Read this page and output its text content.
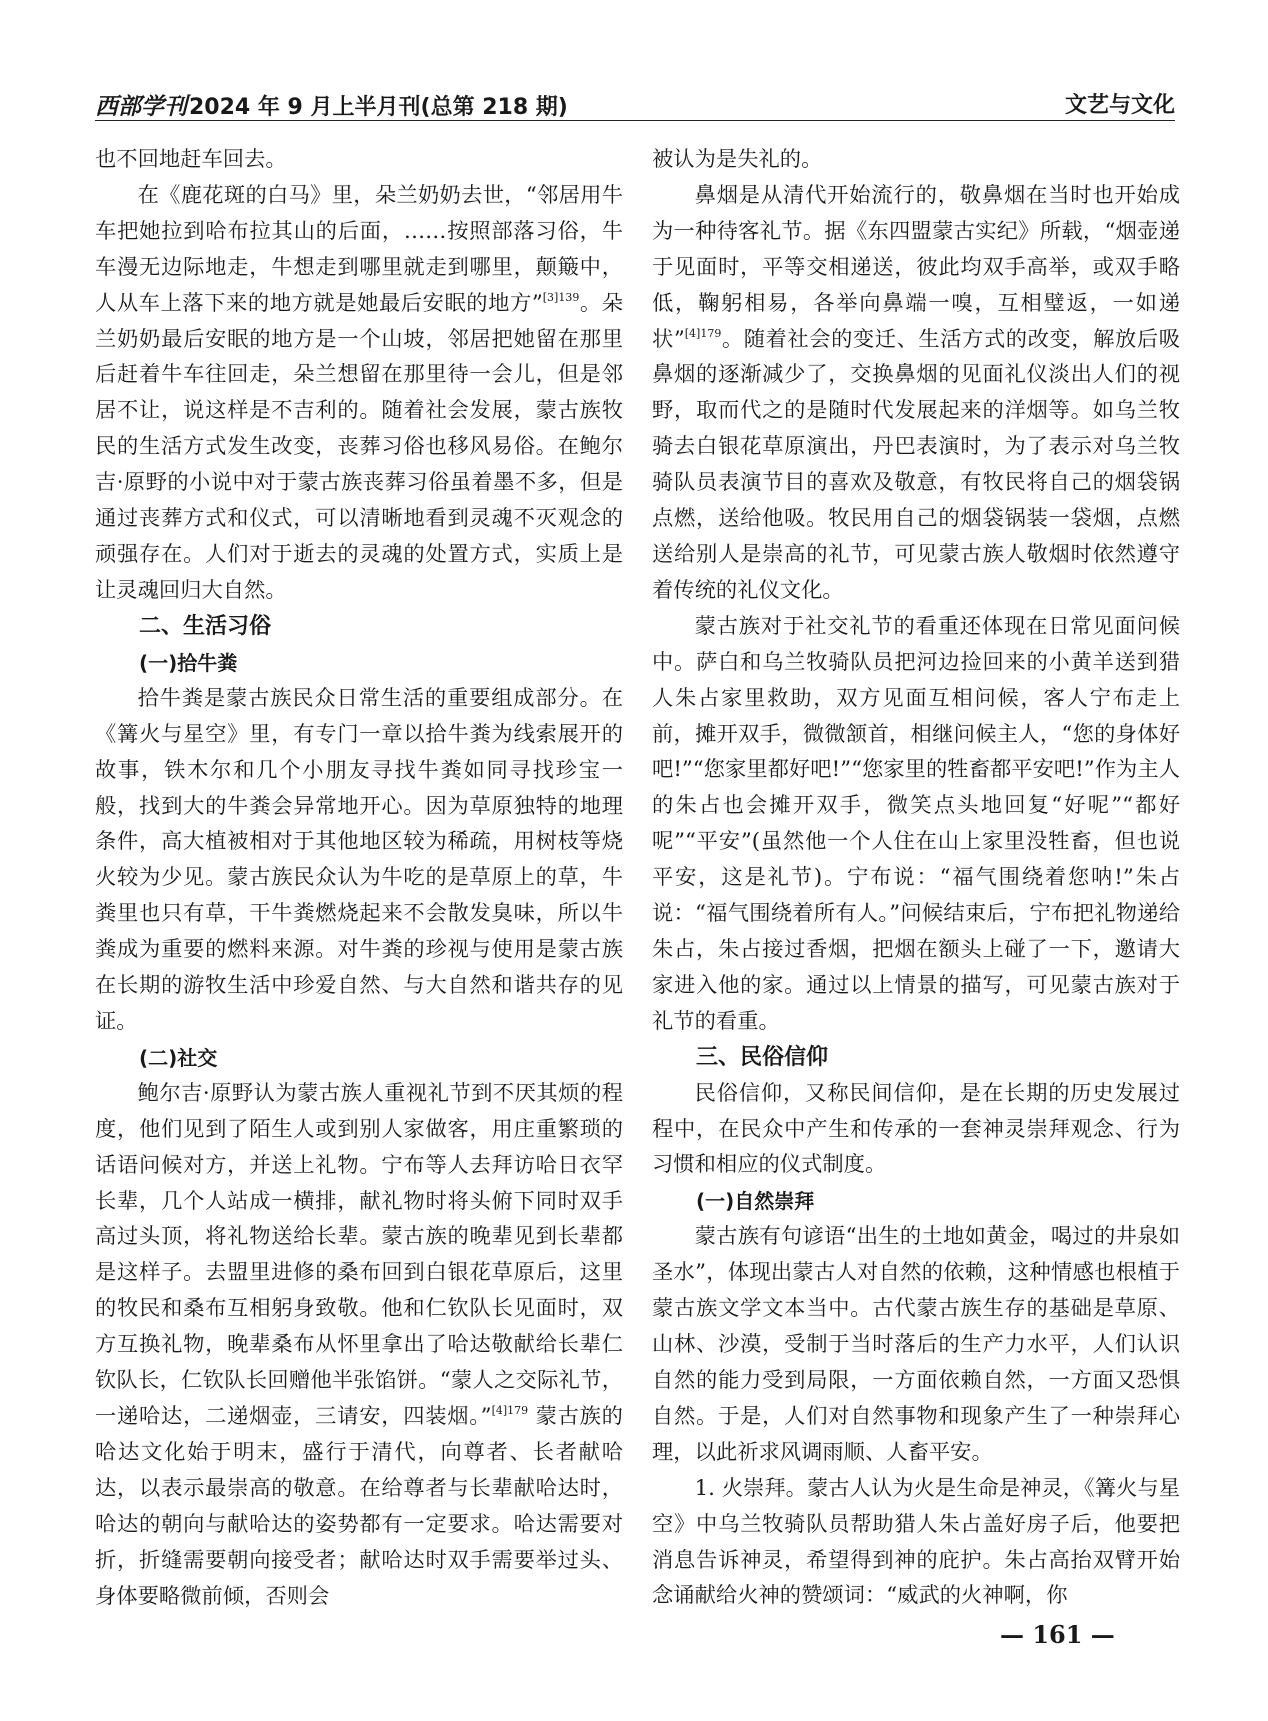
西部学刊2024 年 9 月上半月刊(总第 218 期)	文艺与文化

也不回地赶车回去。

在《鹿花斑的白马》里，朵兰奶奶去世，“邻居用牛车把她拉到哈布拉其山的后面，……按照部落习俗，牛车漫无边际地走，牛想走到哪里就走到哪里，颠簸中，人从车上落下来的地方就是她最后安眠的地方”$^{[3]139}$。朵兰奶奶最后安眠的地方是一个山坡，邻居把她留在那里后赶着牛车往回走，朵兰想留在那里待一会儿，但是邻居不让，说这样是不吉利的。随着社会发展，蒙古族牧民的生活方式发生改变，丧葬习俗也移风易俗。在鲍尔吉·原野的小说中对于蒙古族丧葬习俗虽着墨不多，但是通过丧葬方式和仪式，可以清晰地看到灵魂不灭观念的顽强存在。人们对于逝去的灵魂的处置方式，实质上是让灵魂回归大自然。

二、生活习俗
(一)拾牛粪

拾牛粪是蒙古族民众日常生活的重要组成部分。在《篝火与星空》里，有专门一章以拾牛粪为线索展开的故事，铁木尔和几个小朋友寻找牛粪如同寻找珍宝一般，找到大的牛粪会异常地开心。因为草原独特的地理条件，高大植被相对于其他地区较为稀疏，用树枝等烧火较为少见。蒙古族民众认为牛吃的是草原上的草，牛粪里也只有草，干牛粪燃烧起来不会散发臭味，所以牛粪成为重要的燃料来源。对牛粪的珍视与使用是蒙古族在长期的游牧生活中珍爱自然、与大自然和谐共存的见证。

(二)社交

鲍尔吉·原野认为蒙古族人重视礼节到不厌其烦的程度，他们见到了陌生人或到别人家做客，用庄重繁琐的话语问候对方，并送上礼物。宁布等人去拜访哈日衣罕长辈，几个人站成一横排，献礼物时将头俯下同时双手高过头顶，将礼物送给长辈。蒙古族的晚辈见到长辈都是这样子。去盟里进修的桑布回到白银花草原后，这里的牧民和桑布互相躬身致敬。他和仁钦队长见面时，双方互换礼物，晚辈桑布从怀里拿出了哈达敬献给长辈仁钦队长，仁钦队长回赠他半张馅饼。“蒙人之交际礼节，一递哈达，二递烟壶，三请安，四装烟。”$^{[4]179}$ 蒙古族的哈达文化始于明末，盛行于清代，向尊者、长者献哈达，以表示最崇高的敬意。在给尊者与长辈献哈达时，哈达的朝向与献哈达的姿势都有一定要求。哈达需要对折，折缝需要朝向接受者；献哈达时双手需要举过头、身体要略微前倾，否则会

被认为是失礼的。

鼻烟是从清代开始流行的，敬鼻烟在当时也开始成为一种待客礼节。据《东四盟蒙古实纪》所载，“烟壶递于见面时，平等交相递送，彼此均双手高举，或双手略低，鞠躬相易，各举向鼻端一嗅，互相璧返，一如递状”$^{[4]179}$。随着社会的变迁、生活方式的改变，解放后吸鼻烟的逐渐减少了，交换鼻烟的见面礼仪淡出人们的视野，取而代之的是随时代发展起来的洋烟等。如乌兰牧骑去白银花草原演出，丹巴表演时，为了表示对乌兰牧骑队员表演节目的喜欢及敬意，有牧民将自己的烟袋锅点燃，送给他吸。牧民用自己的烟袋锅装一袋烟，点燃送给别人是崇高的礼节，可见蒙古族人敬烟时依然遵守着传统的礼仪文化。

蒙古族对于社交礼节的看重还体现在日常见面问候中。萨白和乌兰牧骑队员把河边捡回来的小黄羊送到猎人朱占家里救助，双方见面互相问候，客人宁布走上前，摊开双手，微微颔首，相继问候主人，“您的身体好吧!”“您家里都好吧!”“您家里的牲畜都平安吧!”作为主人的朱占也会摊开双手，微笑点头地回复“好呢”“都好呢”“平安”(虽然他一个人住在山上家里没牲畜，但也说平安，这是礼节)。宁布说：“福气围绕着您呐!”朱占说：“福气围绕着所有人。”问候结束后，宁布把礼物递给朱占，朱占接过香烟，把烟在额头上碰了一下，邀请大家进入他的家。通过以上情景的描写，可见蒙古族对于礼节的看重。

三、民俗信仰

民俗信仰，又称民间信仰，是在长期的历史发展过程中，在民众中产生和传承的一套神灵崇拜观念、行为习惯和相应的仪式制度。

(一)自然崇拜

蒙古族有句谚语“出生的土地如黄金，喝过的井泉如圣水”，体现出蒙古人对自然的依赖，这种情感也根植于蒙古族文学文本当中。古代蒙古族生存的基础是草原、山林、沙漠，受制于当时落后的生产力水平，人们认识自然的能力受到局限，一方面依赖自然，一方面又恐惧自然。于是，人们对自然事物和现象产生了一种崇拜心理，以此祈求风调雨顺、人畜平安。

1. 火崇拜。蒙古人认为火是生命是神灵，《篝火与星空》中乌兰牧骑队员帮助猎人朱占盖好房子后，他要把消息告诉神灵，希望得到神的庇护。朱占高抬双臂开始念诵献给火神的赞颂词：“威武的火神啊，你

— 161 —
